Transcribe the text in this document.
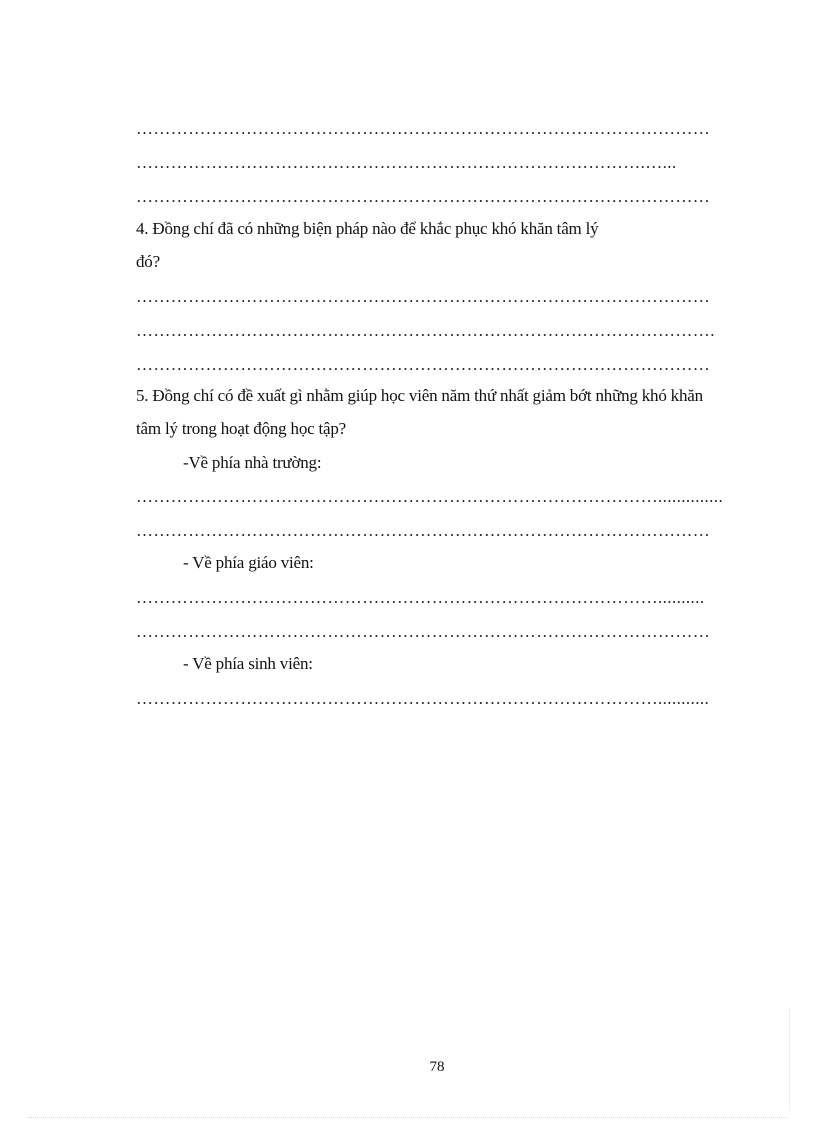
………………………………………………………………………………………
…………………………………………………………………………….…...
………………………………………………………………………………………
4. Đồng chí đã có những biện pháp nào để khắc phục khó khăn tâm lý
đó?
………………………………………………………………………………………
……………………………………………………………………………………….
………………………………………………………………………………………
5. Đồng chí có đề xuất gì nhằm giúp học viên năm thứ nhất giảm bớt những khó khăn
tâm lý trong hoạt động học tập?
-Về phía nhà trường:
………………………………………………………………………………..............
………………………………………………………………………………………
- Về phía giáo viên:
………………………………………………………………………………..........
………………………………………………………………………………………
- Về phía sinh viên:
………………………………………………………………………………...........
78
